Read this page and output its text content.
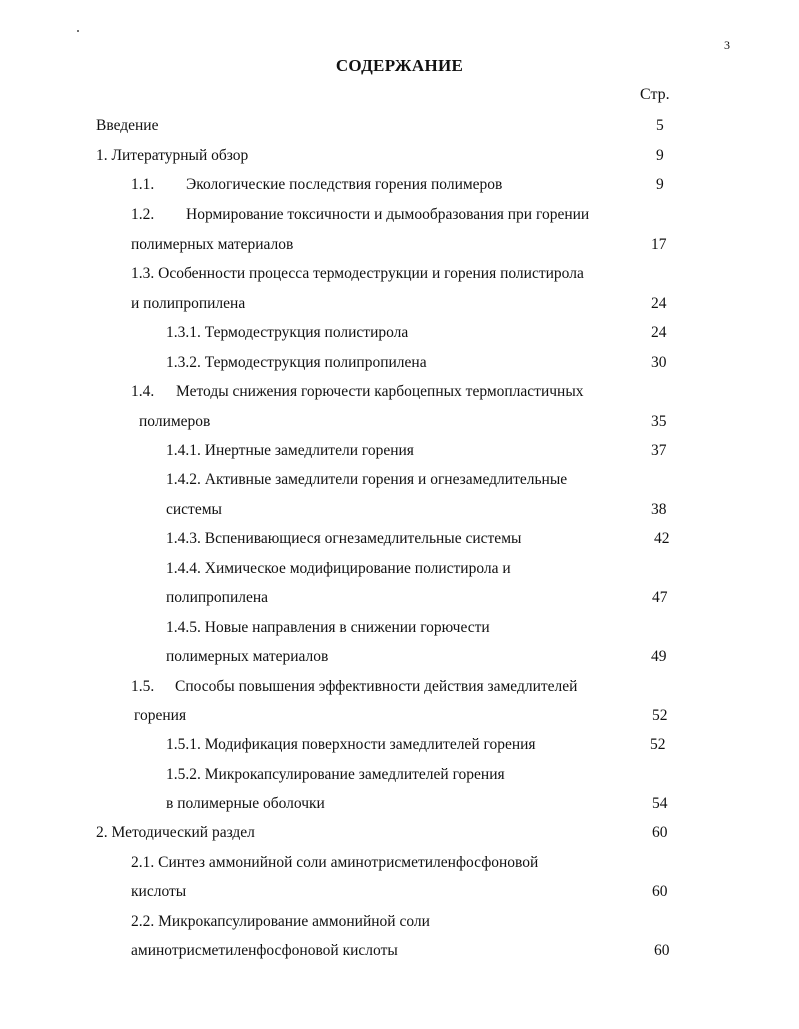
3
СОДЕРЖАНИЕ
Стр.
Введение	5
1. Литературный обзор	9
1.1. Экологические последствия горения полимеров	9
1.2. Нормирование токсичности и дымообразования при горении
полимерных материалов	17
1.3. Особенности процесса термодеструкции и горения полистирола
и полипропилена	24
1.3.1. Термодеструкция полистирола	24
1.3.2. Термодеструкция полипропилена	30
1.4. Методы снижения горючести карбоцепных термопластичных
полимеров	35
1.4.1. Инертные замедлители горения	37
1.4.2. Активные замедлители горения и огнезамедлительные
системы	38
1.4.3. Вспенивающиеся огнезамедлительные системы	42
1.4.4. Химическое модифицирование полистирола и
полипропилена	47
1.4.5. Новые направления в снижении горючести
полимерных материалов	49
1.5. Способы повышения эффективности действия замедлителей
горения	52
1.5.1. Модификация поверхности замедлителей горения	52
1.5.2. Микрокапсулирование замедлителей горения
в полимерные оболочки	54
2. Методический раздел	60
2.1. Синтез аммонийной соли аминотрисметиленфосфоновой
кислоты	60
2.2. Микрокапсулирование аммонийной соли
аминотрисметиленфосфоновой кислоты	60
